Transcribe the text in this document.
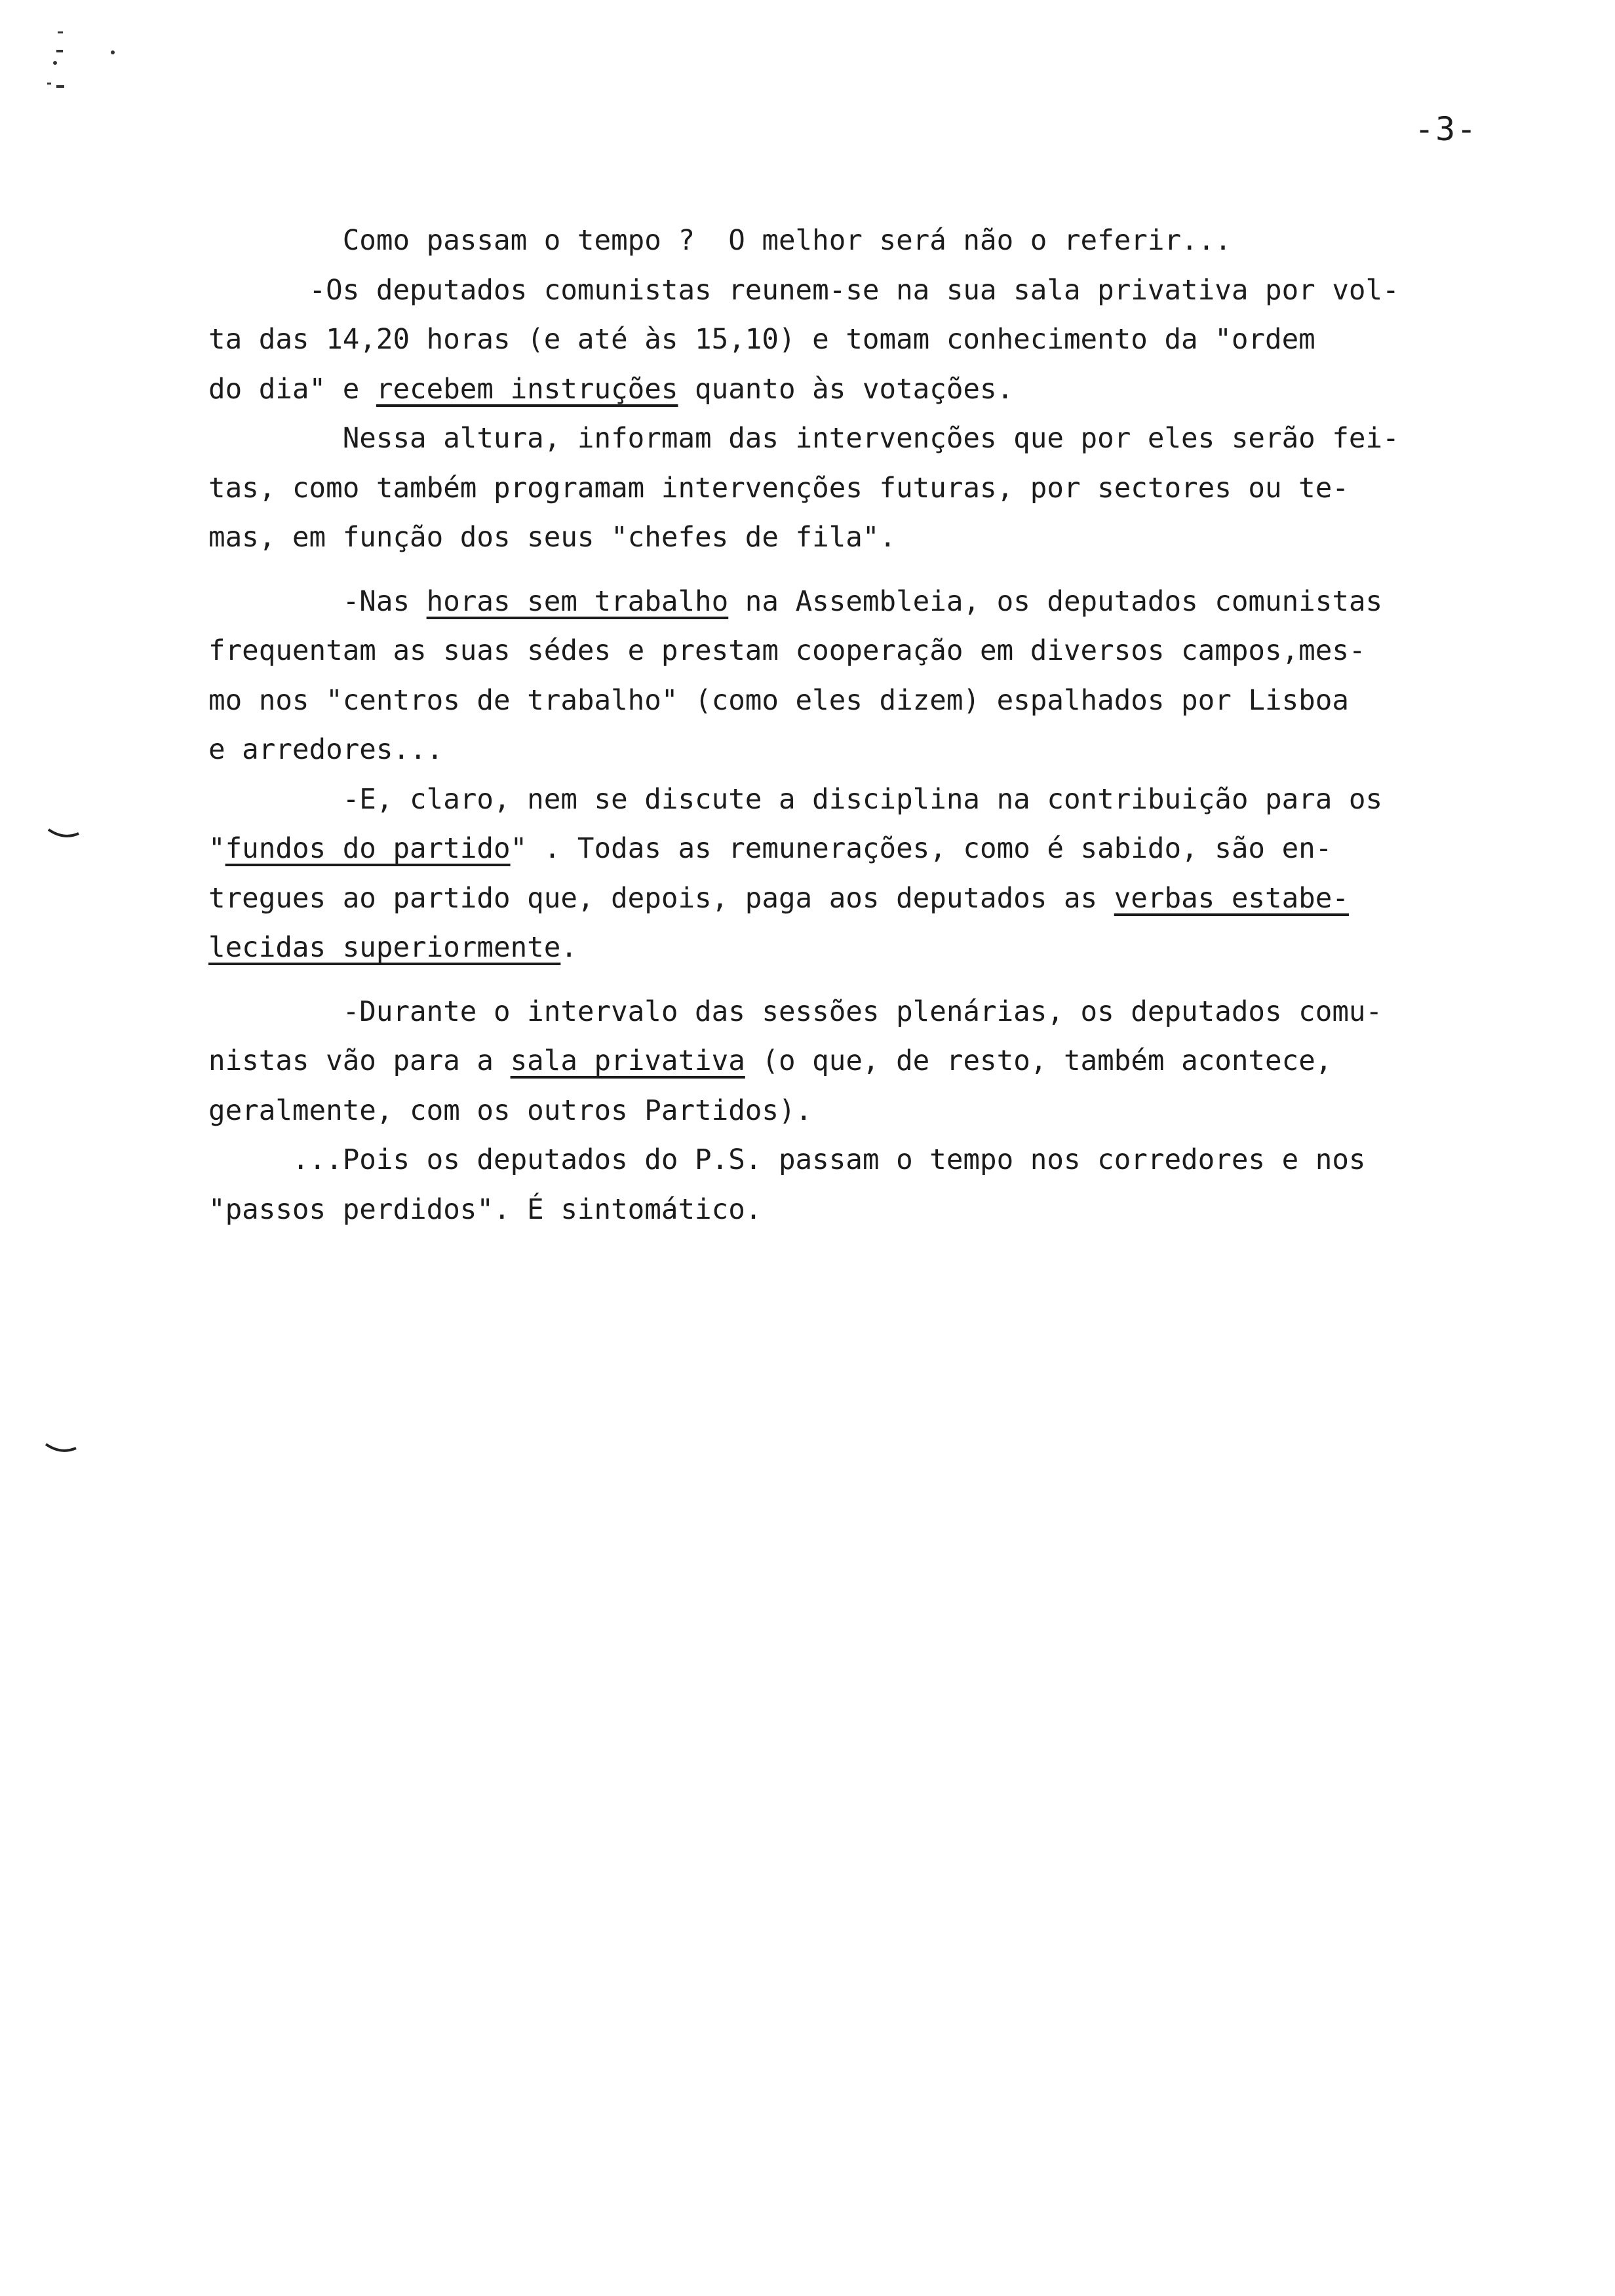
-3-
Como passam o tempo ?  O melhor será não o referir...
-Os deputados comunistas reunem-se na sua sala privativa por vol-
ta das 14,20 horas (e até às 15,10) e tomam conhecimento da "ordem
do dia" e recebem instruções quanto às votações.
Nessa altura, informam das intervenções que por eles serão fei-
tas, como também programam intervenções futuras, por sectores ou te-
mas, em função dos seus "chefes de fila".
-Nas horas sem trabalho na Assembleia, os deputados comunistas
frequentam as suas sédes e prestam cooperação em diversos campos,mes-
mo nos "centros de trabalho" (como eles dizem) espalhados por Lisboa
e arredores...
-E, claro, nem se discute a disciplina na contribuição para os
"fundos do partido" . Todas as remunerações, como é sabido, são en-
tregues ao partido que, depois, paga aos deputados as verbas estabe-
lecidas superiormente.
-Durante o intervalo das sessões plenárias, os deputados comu-
nistas vão para a sala privativa (o que, de resto, também acontece,
geralmente, com os outros Partidos).
...Pois os deputados do P.S. passam o tempo nos corredores e nos
"passos perdidos". É sintomático.
